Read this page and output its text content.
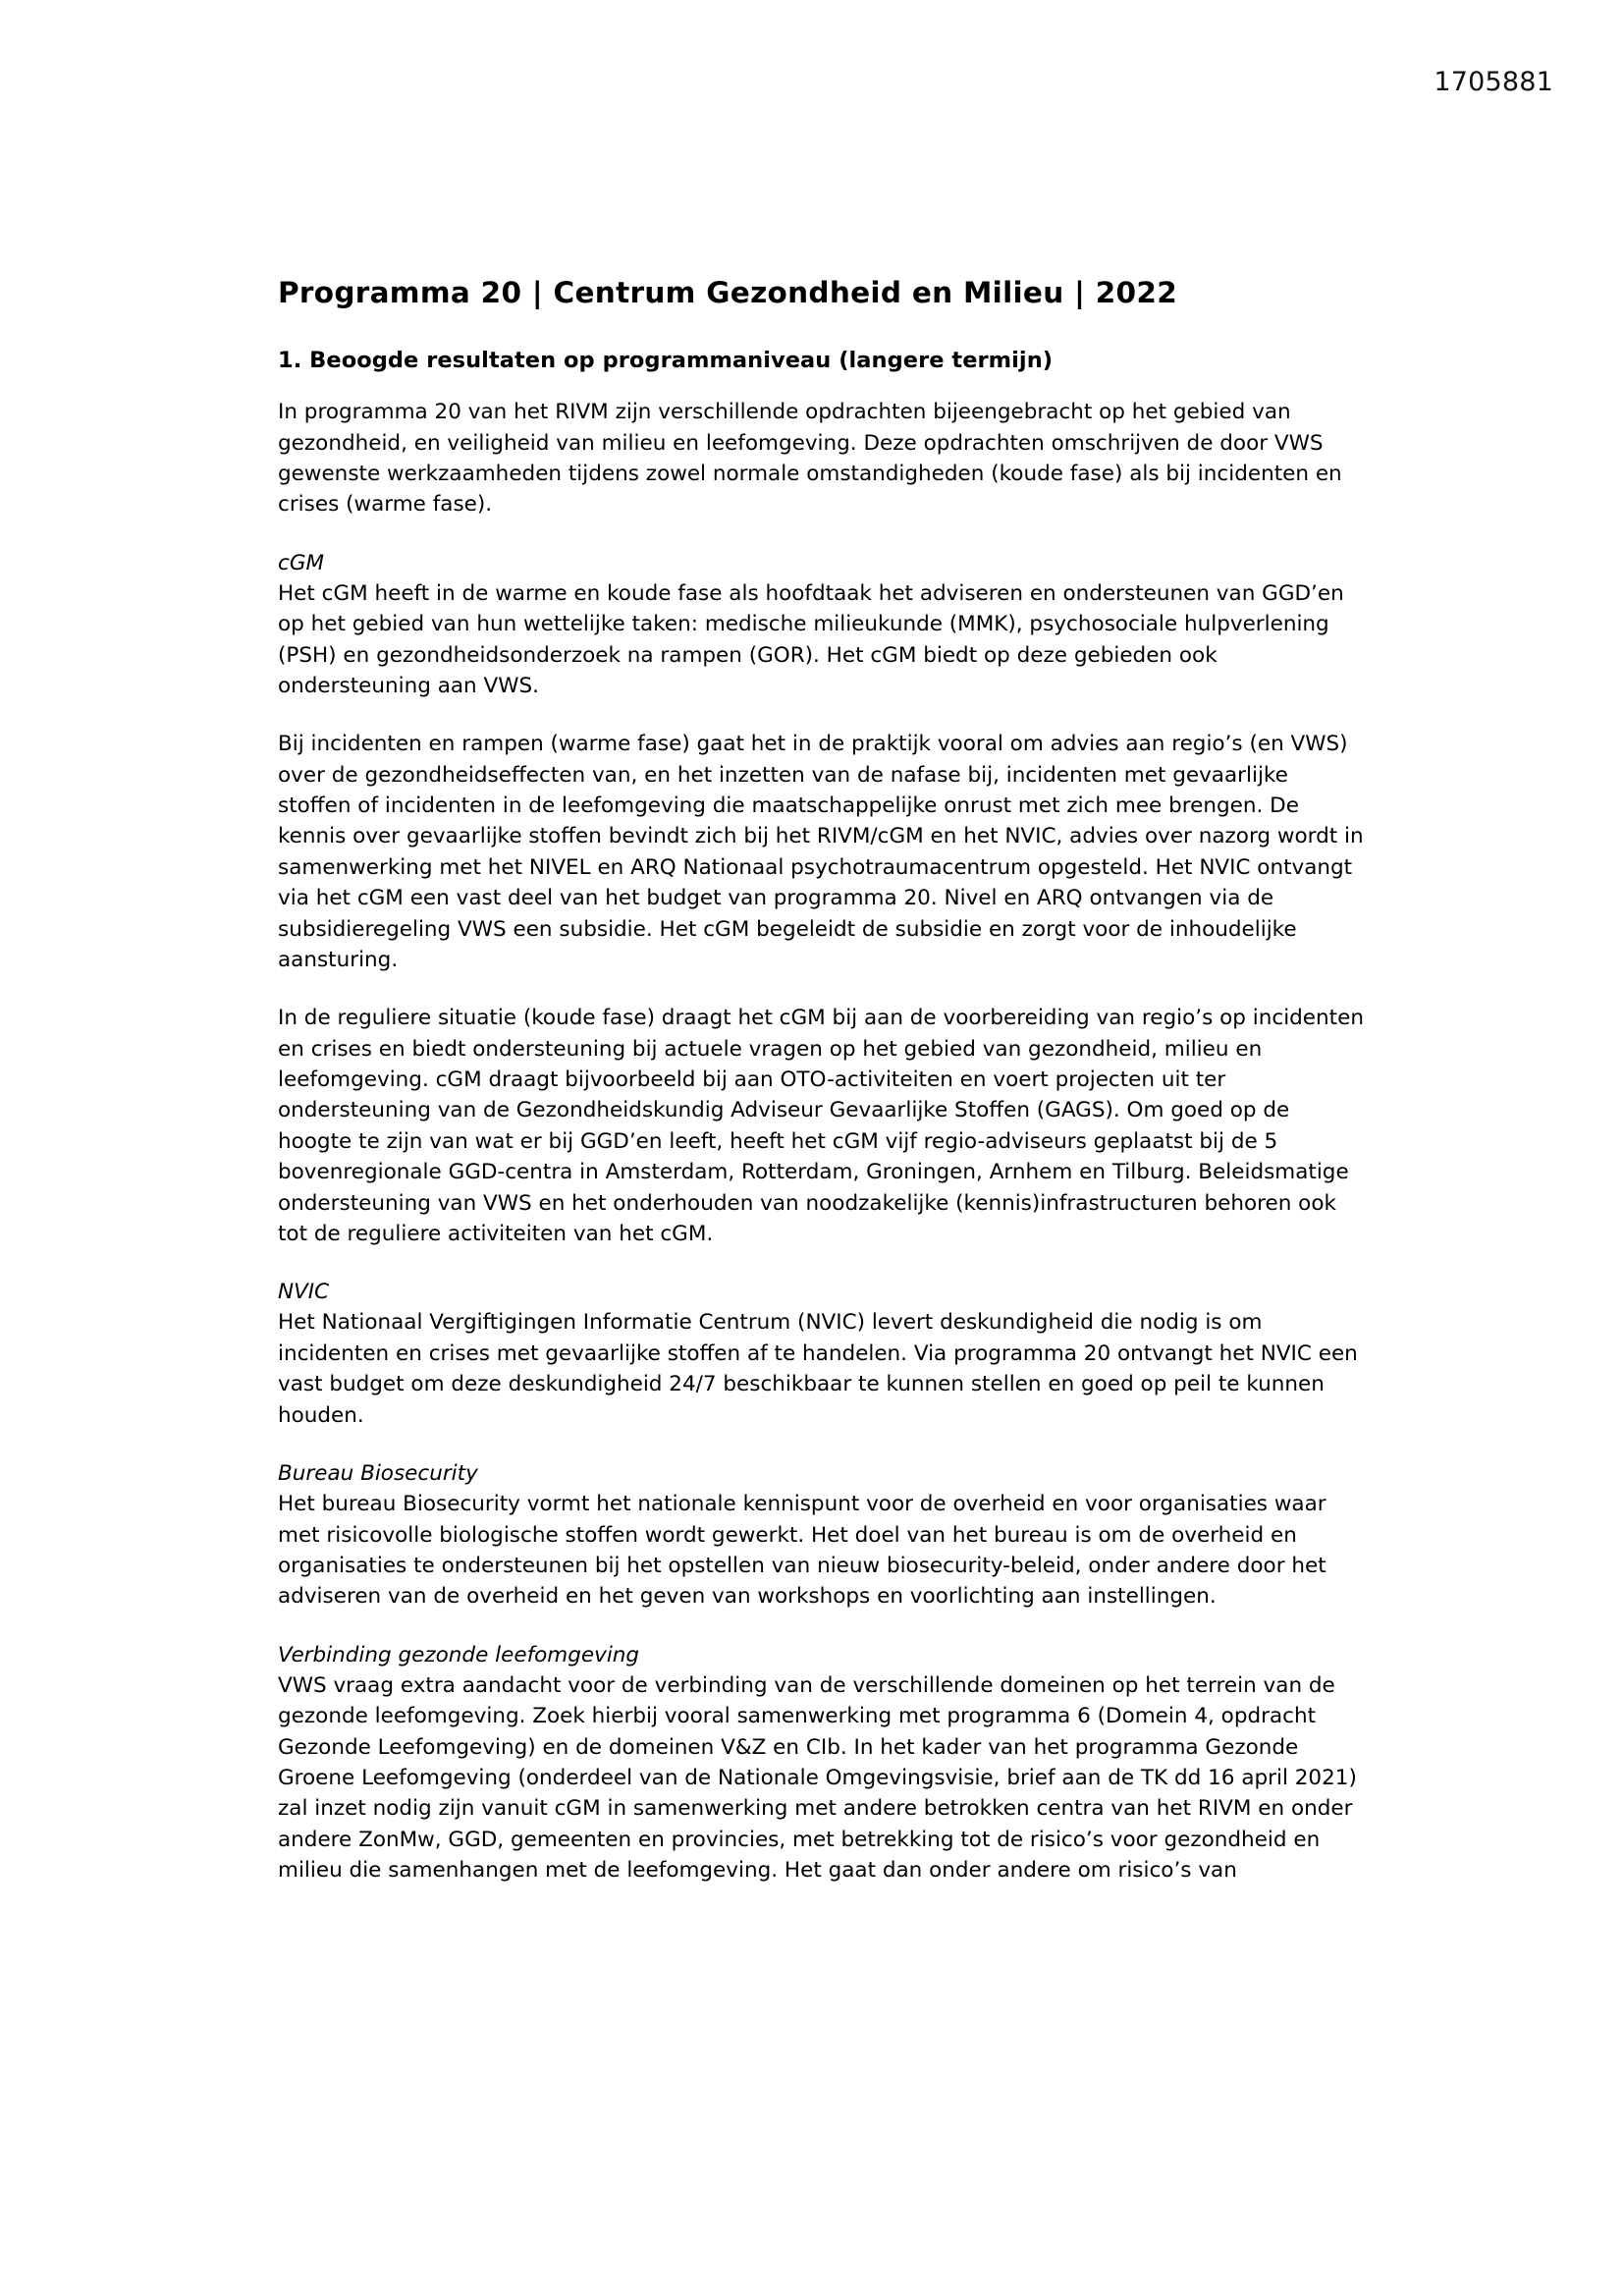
1705881
Programma 20 | Centrum Gezondheid en Milieu | 2022
1. Beoogde resultaten op programmaniveau (langere termijn)

In programma 20 van het RIVM zijn verschillende opdrachten bijeengebracht op het gebied van gezondheid, en veiligheid van milieu en leefomgeving. Deze opdrachten omschrijven de door VWS gewenste werkzaamheden tijdens zowel normale omstandigheden (koude fase) als bij incidenten en crises (warme fase).

cGM

Het cGM heeft in de warme en koude fase als hoofdtaak het adviseren en ondersteunen van GGD’en op het gebied van hun wettelijke taken: medische milieukunde (MMK), psychosociale hulpverlening (PSH) en gezondheidsonderzoek na rampen (GOR). Het cGM biedt op deze gebieden ook ondersteuning aan VWS.

Bij incidenten en rampen (warme fase) gaat het in de praktijk vooral om advies aan regio’s (en VWS) over de gezondheidseffecten van, en het inzetten van de nafase bij, incidenten met gevaarlijke stoffen of incidenten in de leefomgeving die maatschappelijke onrust met zich mee brengen. De kennis over gevaarlijke stoffen bevindt zich bij het RIVM/cGM en het NVIC, advies over nazorg wordt in samenwerking met het NIVEL en ARQ Nationaal psychotraumacentrum opgesteld. Het NVIC ontvangt via het cGM een vast deel van het budget van programma 20. Nivel en ARQ ontvangen via de subsidieregeling VWS een subsidie. Het cGM begeleidt de subsidie en zorgt voor de inhoudelijke aansturing.

In de reguliere situatie (koude fase) draagt het cGM bij aan de voorbereiding van regio’s op incidenten en crises en biedt ondersteuning bij actuele vragen op het gebied van gezondheid, milieu en leefomgeving. cGM draagt bijvoorbeeld bij aan OTO-activiteiten en voert projecten uit ter ondersteuning van de Gezondheidskundig Adviseur Gevaarlijke Stoffen (GAGS). Om goed op de hoogte te zijn van wat er bij GGD’en leeft, heeft het cGM vijf regio-adviseurs geplaatst bij de 5 bovenregionale GGD-centra in Amsterdam, Rotterdam, Groningen, Arnhem en Tilburg. Beleidsmatige ondersteuning van VWS en het onderhouden van noodzakelijke (kennis)infrastructuren behoren ook tot de reguliere activiteiten van het cGM.

NVIC

Het Nationaal Vergiftigingen Informatie Centrum (NVIC) levert deskundigheid die nodig is om incidenten en crises met gevaarlijke stoffen af te handelen. Via programma 20 ontvangt het NVIC een vast budget om deze deskundigheid 24/7 beschikbaar te kunnen stellen en goed op peil te kunnen houden.

Bureau Biosecurity

Het bureau Biosecurity vormt het nationale kennispunt voor de overheid en voor organisaties waar met risicovolle biologische stoffen wordt gewerkt. Het doel van het bureau is om de overheid en organisaties te ondersteunen bij het opstellen van nieuw biosecurity-beleid, onder andere door het adviseren van de overheid en het geven van workshops en voorlichting aan instellingen.

Verbinding gezonde leefomgeving

VWS vraag extra aandacht voor de verbinding van de verschillende domeinen op het terrein van de gezonde leefomgeving. Zoek hierbij vooral samenwerking met programma 6 (Domein 4, opdracht Gezonde Leefomgeving) en de domeinen V&Z en CIb. In het kader van het programma Gezonde Groene Leefomgeving (onderdeel van de Nationale Omgevingsvisie, brief aan de TK dd 16 april 2021) zal inzet nodig zijn vanuit cGM in samenwerking met andere betrokken centra van het RIVM en onder andere ZonMw, GGD, gemeenten en provincies, met betrekking tot de risico’s voor gezondheid en milieu die samenhangen met de leefomgeving. Het gaat dan onder andere om risico’s van
